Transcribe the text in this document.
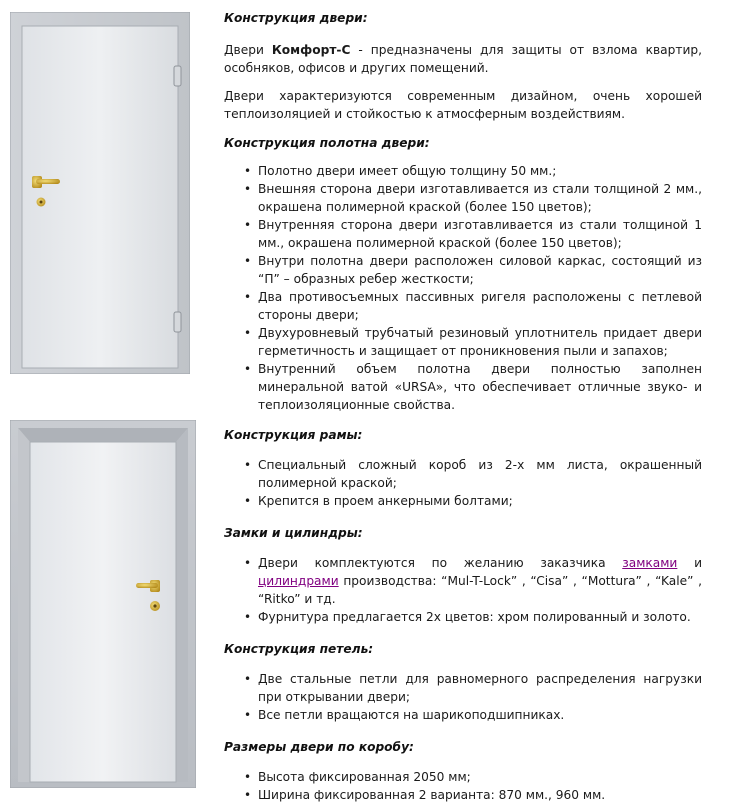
Конструкция двери:

Двери Комфорт-С - предназначены для защиты от взлома квартир, особняков, офисов и других помещений.

Двери характеризуются современным дизайном, очень хорошей теплоизоляцией и стойкостью к атмосферным воздействиям.

Конструкция полотна двери:

• Полотно двери имеет общую толщину 50 мм.;
• Внешняя сторона двери изготавливается из стали толщиной 2 мм., окрашена полимерной краской (более 150 цветов);
• Внутренняя сторона двери изготавливается из стали толщиной 1 мм., окрашена полимерной краской (более 150 цветов);
• Внутри полотна двери расположен силовой каркас, состоящий из “П” – образных ребер жесткости;
• Два противосъемных пассивных ригеля расположены с петлевой стороны двери;
• Двухуровневый трубчатый резиновый уплотнитель придает двери герметичность и защищает от проникновения пыли и запахов;
• Внутренний объем полотна двери полностью заполнен минеральной ватой «URSA», что обеспечивает отличные звуко- и теплоизоляционные свойства.

Конструкция рамы:

• Специальный сложный короб из 2-х мм листа, окрашенный полимерной краской;
• Крепится в проем анкерными болтами;

Замки и цилиндры:

• Двери комплектуются по желанию заказчика замками и цилиндрами производства: “Mul-T-Lock” , “Cisa” , “Mottura” , “Kale” , “Ritko” и тд.
• Фурнитура предлагается 2х цветов: хром полированный и золото.

Конструкция петель:

• Две стальные петли для равномерного распределения нагрузки при открывании двери;
• Все петли вращаются на шарикоподшипниках.

Размеры двери по коробу:

• Высота фиксированная 2050 мм;
• Ширина фиксированная 2 варианта: 870 мм., 960 мм.
